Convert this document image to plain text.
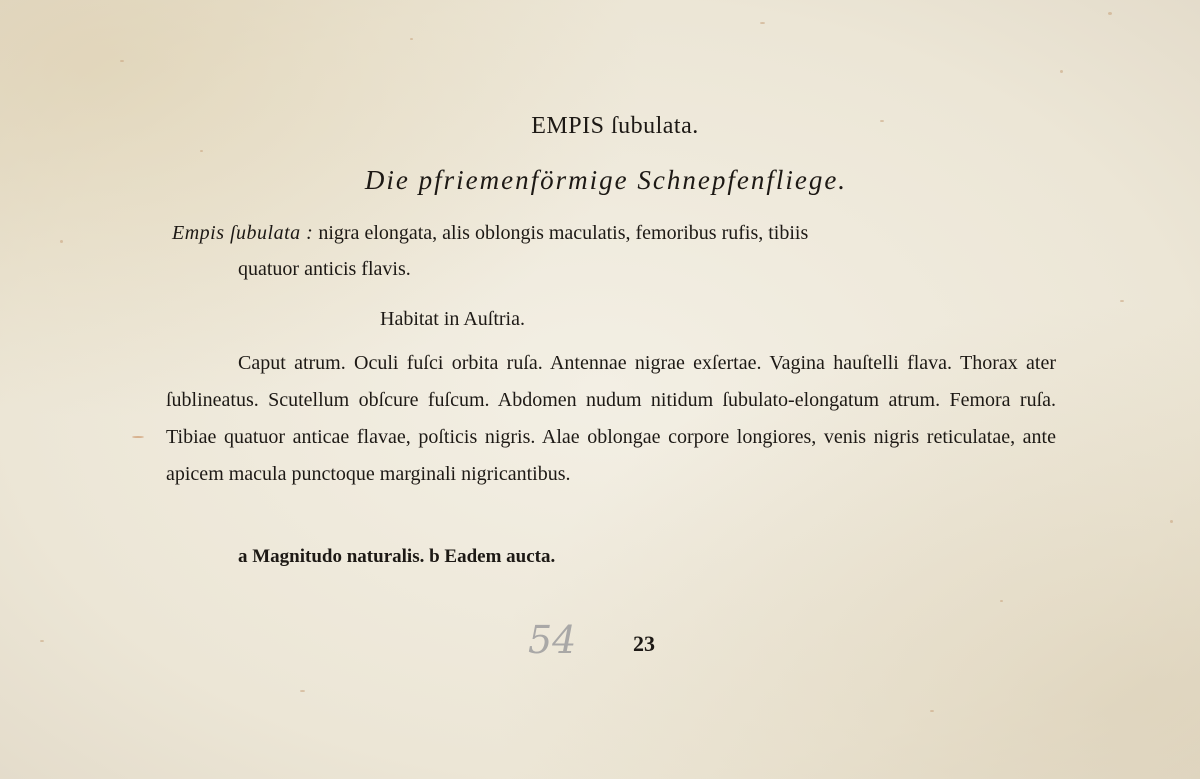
EMPIS ſubulata.
Die pfriemenförmige Schnepfenfliege.
Empis ſubulata : nigra elongata, alis oblongis maculatis, femoribus rufis, tibiis
quatuor anticis flavis.
Habitat in Auſtria.
Caput atrum. Oculi fuſci orbita ruſa. Antennae nigrae exſertae. Vagina hauſtelli flava. Thorax ater ſublineatus. Scutellum obſcure fuſcum. Abdomen nudum nitidum ſubulato-elongatum atrum. Femora ruſa. Tibiae quatuor anticae flavae, poſticis nigris. Alae oblongae corpore longiores, venis nigris reticulatae, ante apicem macula punctoque marginali nigricantibus.
a Magnitudo naturalis. b Eadem aucta.
54	23
